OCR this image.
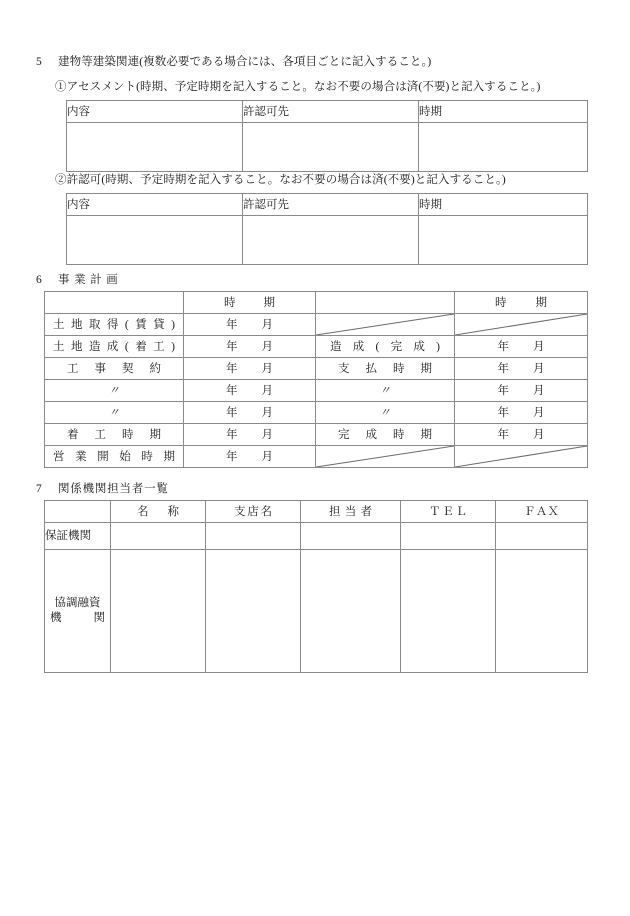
5 建物等建築関連(複数必要である場合には、各項目ごとに記入すること。)
①アセスメント(時期、予定時期を記入すること。なお不要の場合は済(不要)と記入すること。)
内容	許認可先	時期

②許認可(時期、予定時期を記入すること。なお不要の場合は済(不要)と記入すること。)
内容	許認可先	時期

6 事業計画

	時期		時期

土地取得(賃貸)	年 月	

土地造成(着工)	年 月	造成(完成)	年 月

工事契約	年 月	支払時期	年 月
〃	年 月	〃	年 月
〃	年 月	〃	年 月

着工時期	年 月	完成時期	年 月

営業開始時期	年 月	

7 関係機関担当者一覧

	名称	支店名	担当者	ＴＥＬ	ＦＡＸ

保証機関					

協調融資
機関					
